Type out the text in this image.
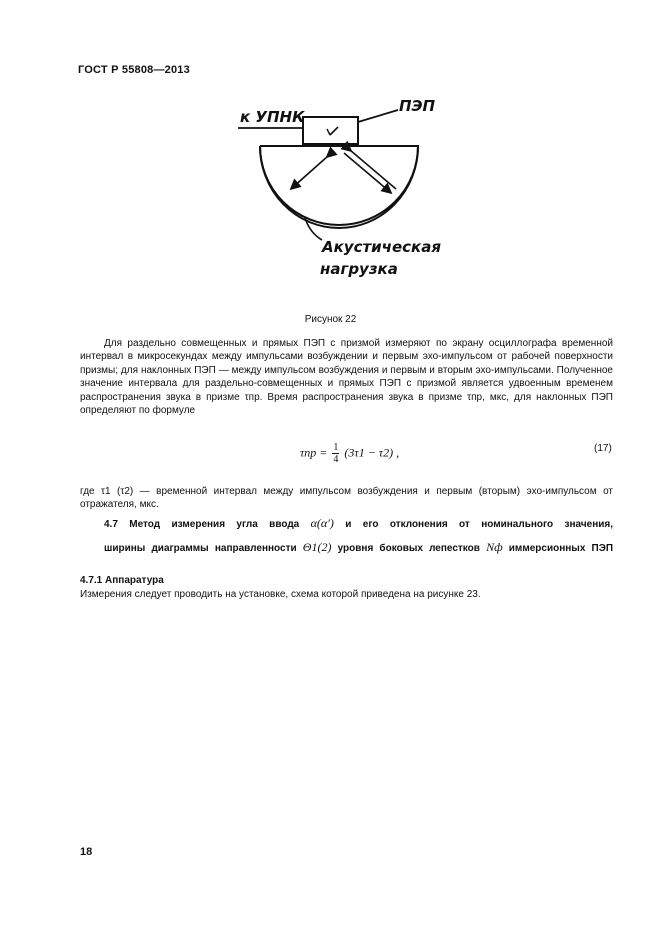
ГОСТ Р 55808—2013
к УПНК
ПЭП
Акустическая
нагрузка
Рисунок 22

Для раздельно совмещенных и прямых ПЭП с призмой измеряют по экрану осциллографа временной интервал в микросекундах между импульсами возбуждении и первым эхо-импульсом от рабочей поверхности призмы; для наклонных ПЭП — между импульсом возбуждения и первым и вторым эхо-импульсами. Полученное значение интервала для раздельно-совмещенных и прямых ПЭП с призмой является удвоенным временем распространения звука в призме τпр. Время распространения звука в призме τпр, мкс, для наклонных ПЭП определяют по формуле

$\tau пр = \frac{1}{4} (3\tau 1 - \tau 2)$ ,	(17)

где τ1 (τ2) — временной интервал между импульсом возбуждения и первым (вторым) эхо-импульсом от отражателя, мкс.

4.7 Метод измерения угла ввода α(α′) и его отклонения от номинального значения,
ширины диаграммы направленности Θ1(2) уровня боковых лепестков Nф иммерсионных ПЭП
4.7.1 Аппаратура
Измерения следует проводить на установке, схема которой приведена на рисунке 23.
18
